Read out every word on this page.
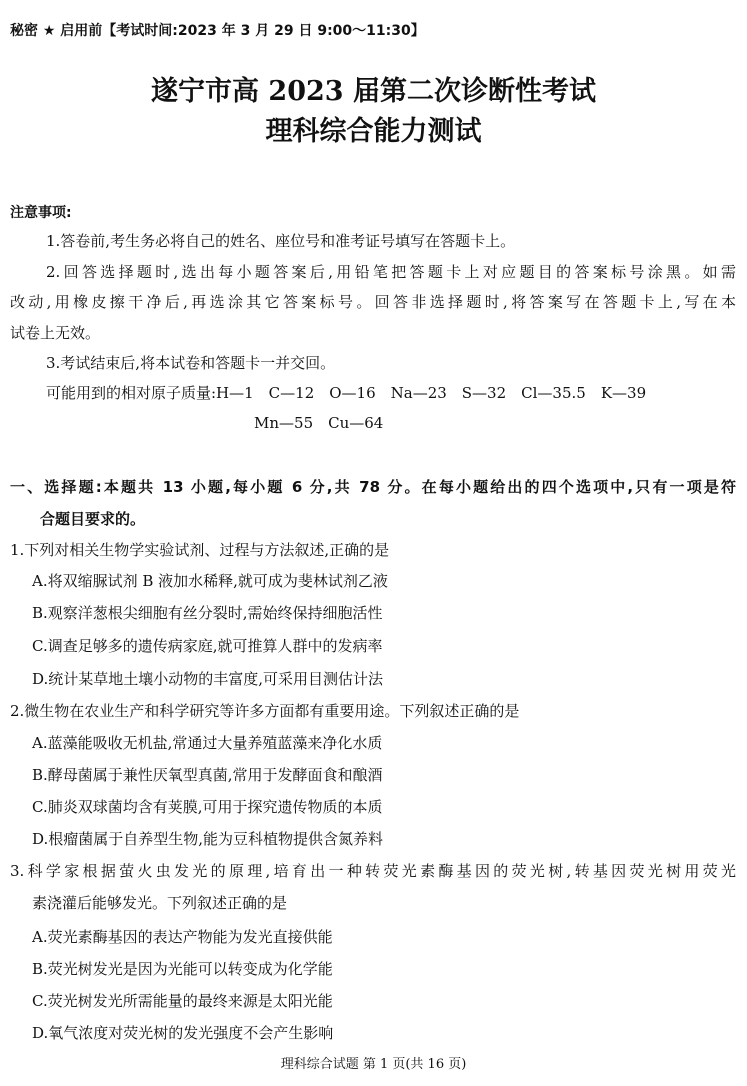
秘密 ★ 启用前【考试时间:2023 年 3 月 29 日 9:00～11:30】
遂宁市高 2023 届第二次诊断性考试
理科综合能力测试
注意事项:
1.答卷前,考生务必将自己的姓名、座位号和准考证号填写在答题卡上。
2.回答选择题时,选出每小题答案后,用铅笔把答题卡上对应题目的答案标号涂黑。如需
改动,用橡皮擦干净后,再选涂其它答案标号。回答非选择题时,将答案写在答题卡上,写在本
试卷上无效。
3.考试结束后,将本试卷和答题卡一并交回。
可能用到的相对原子质量:H—1　C—12　O—16　Na—23　S—32　Cl—35.5　K—39
Mn—55　Cu—64
一、选择题:本题共 13 小题,每小题 6 分,共 78 分。在每小题给出的四个选项中,只有一项是符
合题目要求的。
1.下列对相关生物学实验试剂、过程与方法叙述,正确的是
A.将双缩脲试剂 B 液加水稀释,就可成为斐林试剂乙液
B.观察洋葱根尖细胞有丝分裂时,需始终保持细胞活性
C.调查足够多的遗传病家庭,就可推算人群中的发病率
D.统计某草地土壤小动物的丰富度,可采用目测估计法
2.微生物在农业生产和科学研究等许多方面都有重要用途。下列叙述正确的是
A.蓝藻能吸收无机盐,常通过大量养殖蓝藻来净化水质
B.酵母菌属于兼性厌氧型真菌,常用于发酵面食和酿酒
C.肺炎双球菌均含有荚膜,可用于探究遗传物质的本质
D.根瘤菌属于自养型生物,能为豆科植物提供含氮养料
3.科学家根据萤火虫发光的原理,培育出一种转荧光素酶基因的荧光树,转基因荧光树用荧光
素浇灌后能够发光。下列叙述正确的是
A.荧光素酶基因的表达产物能为发光直接供能
B.荧光树发光是因为光能可以转变成为化学能
C.荧光树发光所需能量的最终来源是太阳光能
D.氧气浓度对荧光树的发光强度不会产生影响
理科综合试题 第 1 页(共 16 页)
